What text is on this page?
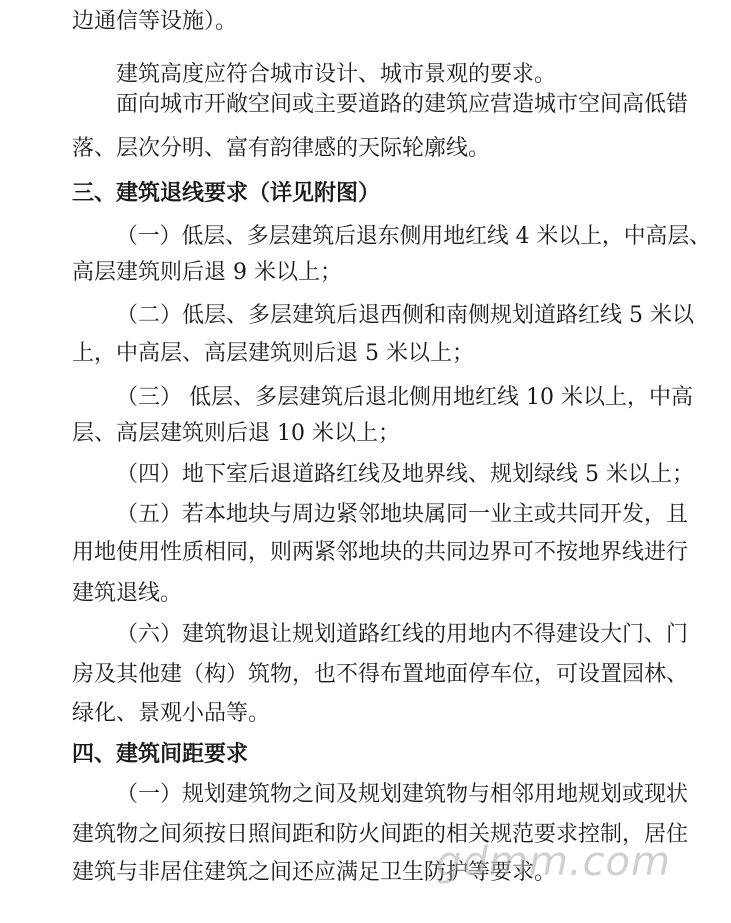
边通信等设施）。
建筑高度应符合城市设计、城市景观的要求。
面向城市开敞空间或主要道路的建筑应营造城市空间高低错
落、层次分明、富有韵律感的天际轮廓线。
三、建筑退线要求（详见附图）
（一）低层、多层建筑后退东侧用地红线 4 米以上，中高层、
高层建筑则后退 9 米以上；
（二）低层、多层建筑后退西侧和南侧规划道路红线 5 米以
上，中高层、高层建筑则后退 5 米以上；
（三） 低层、多层建筑后退北侧用地红线 10 米以上，中高
层、高层建筑则后退 10 米以上；
（四）地下室后退道路红线及地界线、规划绿线 5 米以上；
（五）若本地块与周边紧邻地块属同一业主或共同开发，且
用地使用性质相同，则两紧邻地块的共同边界可不按地界线进行
建筑退线。
（六）建筑物退让规划道路红线的用地内不得建设大门、门
房及其他建（构）筑物，也不得布置地面停车位，可设置园林、
绿化、景观小品等。
四、建筑间距要求
（一）规划建筑物之间及规划建筑物与相邻用地规划或现状
建筑物之间须按日照间距和防火间距的相关规范要求控制，居住
建筑与非居住建筑之间还应满足卫生防护等要求。
gdmm.com
